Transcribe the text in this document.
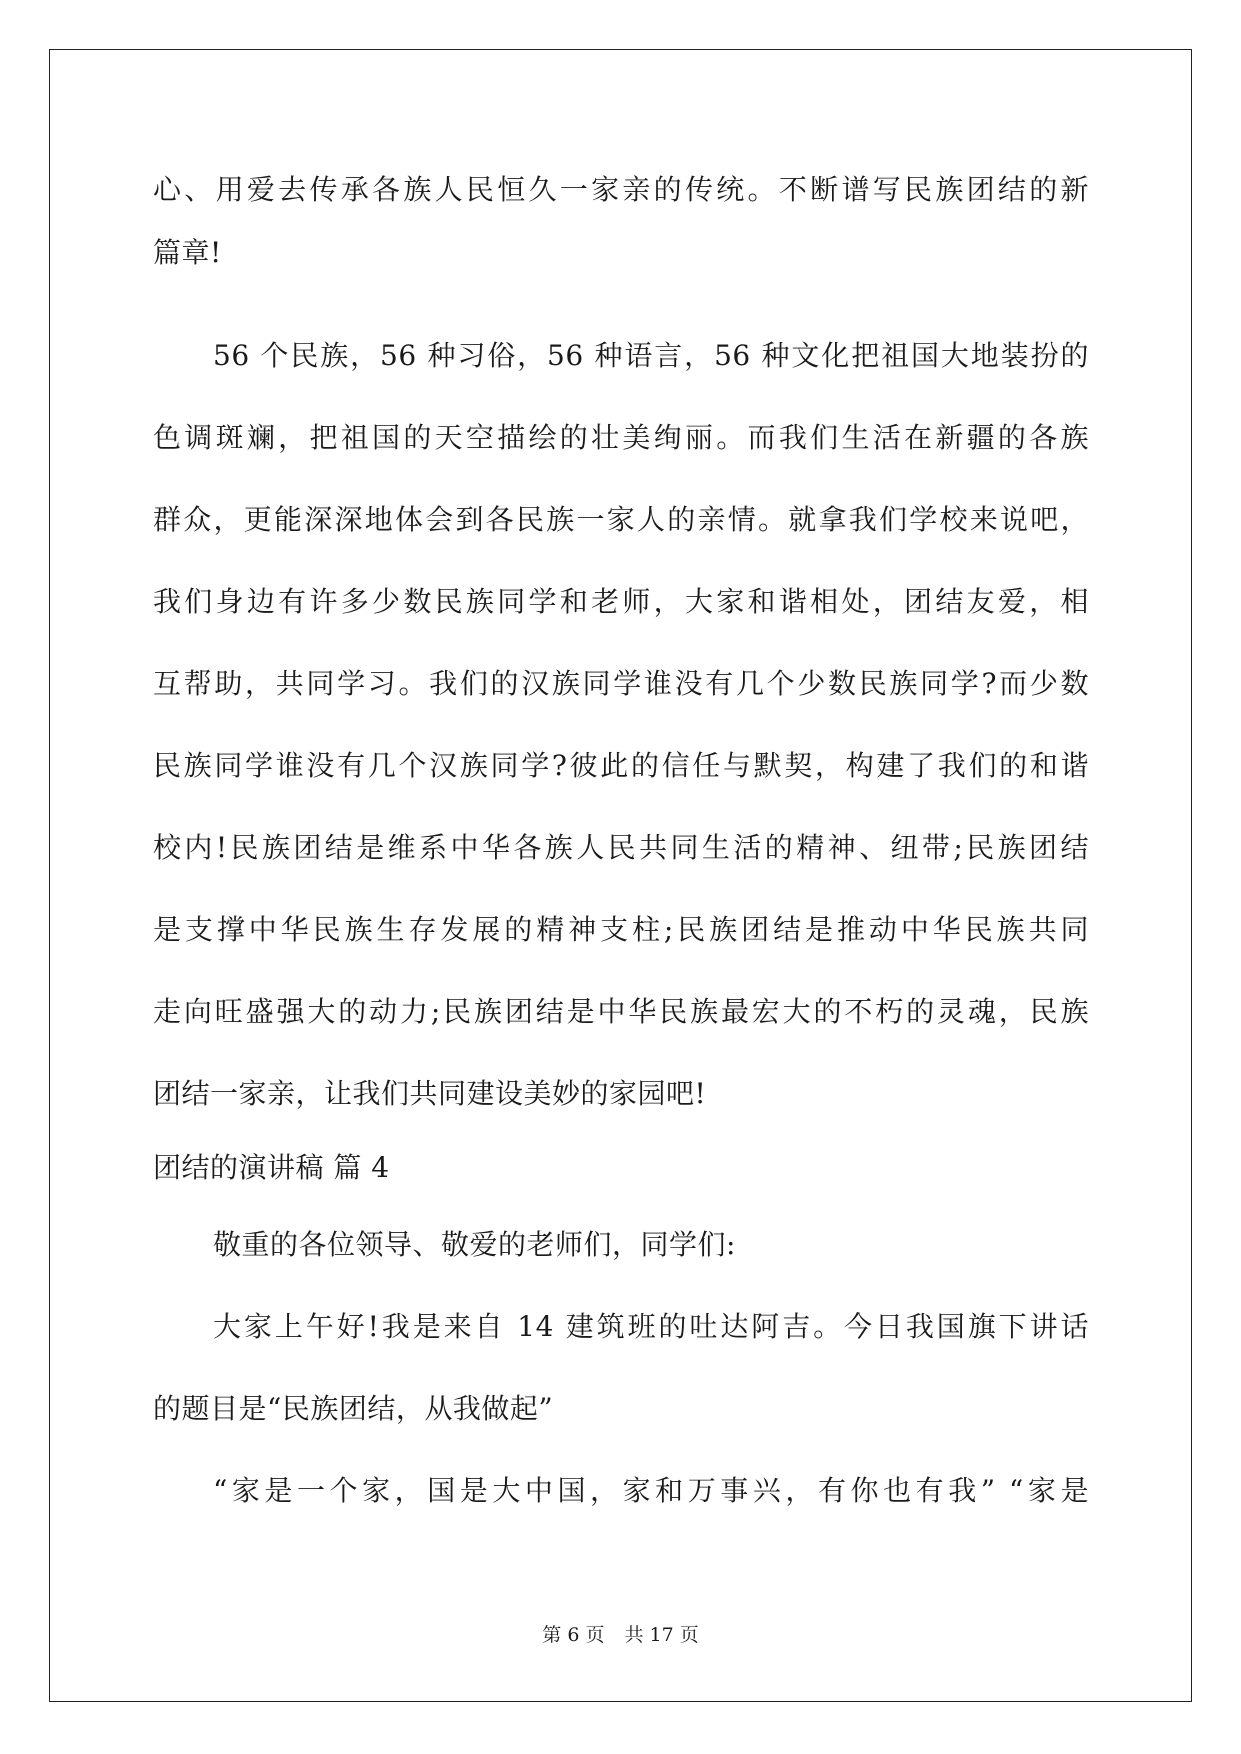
心、用爱去传承各族人民恒久一家亲的传统。不断谱写民族团结的新
篇章!
56 个民族，56 种习俗，56 种语言，56 种文化把祖国大地装扮的
色调斑斓，把祖国的天空描绘的壮美绚丽。而我们生活在新疆的各族
群众，更能深深地体会到各民族一家人的亲情。就拿我们学校来说吧，
我们身边有许多少数民族同学和老师，大家和谐相处，团结友爱，相
互帮助，共同学习。我们的汉族同学谁没有几个少数民族同学?而少数
民族同学谁没有几个汉族同学?彼此的信任与默契，构建了我们的和谐
校内!民族团结是维系中华各族人民共同生活的精神、纽带;民族团结
是支撑中华民族生存发展的精神支柱;民族团结是推动中华民族共同
走向旺盛强大的动力;民族团结是中华民族最宏大的不朽的灵魂，民族
团结一家亲，让我们共同建设美妙的家园吧!
团结的演讲稿 篇 4
敬重的各位领导、敬爱的老师们，同学们:
大家上午好!我是来自 14 建筑班的吐达阿吉。今日我国旗下讲话
的题目是“民族团结，从我做起”
“家是一个家，国是大中国，家和万事兴，有你也有我” “家是
第 6 页 共 17 页
